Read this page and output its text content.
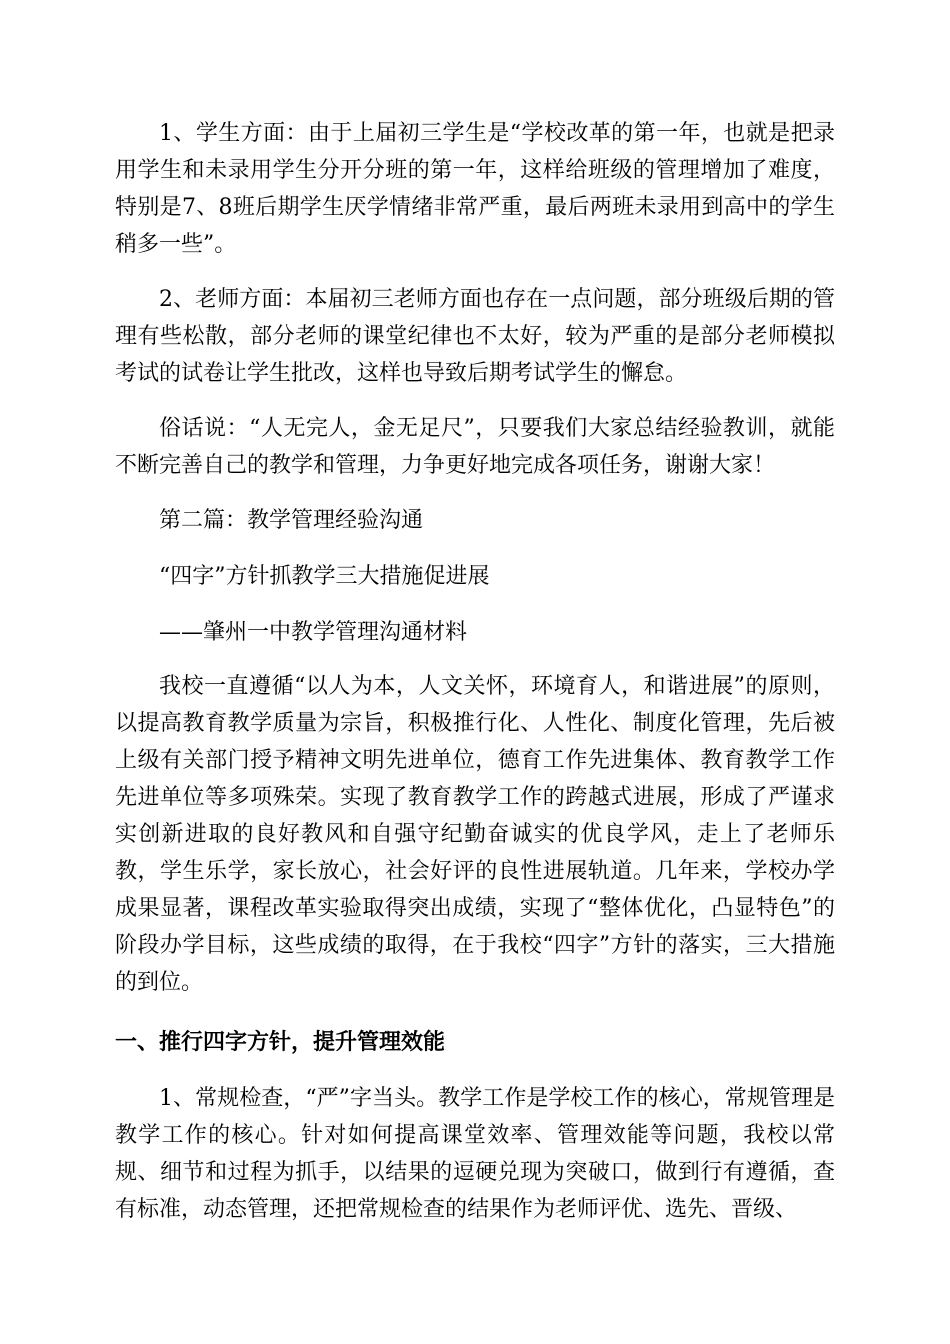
1、学生方面：由于上届初三学生是“学校改革的第一年，也就是把录用学生和未录用学生分开分班的第一年，这样给班级的管理增加了难度，特别是7、8班后期学生厌学情绪非常严重，最后两班未录用到高中的学生稍多一些”。

2、老师方面：本届初三老师方面也存在一点问题，部分班级后期的管理有些松散，部分老师的课堂纪律也不太好，较为严重的是部分老师模拟考试的试卷让学生批改，这样也导致后期考试学生的懈怠。

俗话说：“人无完人，金无足尺”，只要我们大家总结经验教训，就能不断完善自己的教学和管理，力争更好地完成各项任务，谢谢大家！

第二篇：教学管理经验沟通

“四字”方针抓教学三大措施促进展

——肇州一中教学管理沟通材料

我校一直遵循“以人为本，人文关怀，环境育人，和谐进展”的原则，以提高教育教学质量为宗旨，积极推行化、人性化、制度化管理，先后被上级有关部门授予精神文明先进单位，德育工作先进集体、教育教学工作先进单位等多项殊荣。实现了教育教学工作的跨越式进展，形成了严谨求实创新进取的良好教风和自强守纪勤奋诚实的优良学风，走上了老师乐教，学生乐学，家长放心，社会好评的良性进展轨道。几年来，学校办学成果显著，课程改革实验取得突出成绩，实现了“整体优化，凸显特色”的阶段办学目标，这些成绩的取得，在于我校“四字”方针的落实，三大措施的到位。

一、推行四字方针，提升管理效能

1、常规检查，“严”字当头。教学工作是学校工作的核心，常规管理是教学工作的核心。针对如何提高课堂效率、管理效能等问题，我校以常规、细节和过程为抓手，以结果的逗硬兑现为突破口，做到行有遵循，查有标准，动态管理，还把常规检查的结果作为老师评优、选先、晋级、
